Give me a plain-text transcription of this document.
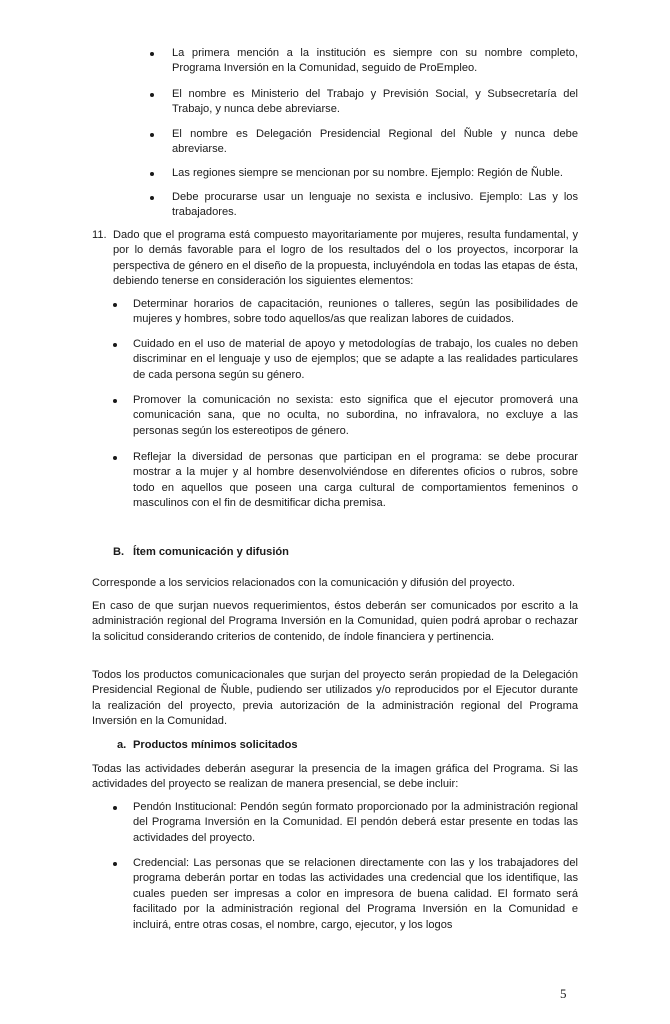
La primera mención a la institución es siempre con su nombre completo, Programa Inversión en la Comunidad, seguido de ProEmpleo.

El nombre es Ministerio del Trabajo y Previsión Social, y Subsecretaría del Trabajo, y nunca debe abreviarse.

El nombre es Delegación Presidencial Regional del Ñuble y nunca debe abreviarse.

Las regiones siempre se mencionan por su nombre. Ejemplo: Región de Ñuble.

Debe procurarse usar un lenguaje no sexista e inclusivo. Ejemplo: Las y los trabajadores.

11. Dado que el programa está compuesto mayoritariamente por mujeres, resulta fundamental, y por lo demás favorable para el logro de los resultados del o los proyectos, incorporar la perspectiva de género en el diseño de la propuesta, incluyéndola en todas las etapas de ésta, debiendo tenerse en consideración los siguientes elementos:

Determinar horarios de capacitación, reuniones o talleres, según las posibilidades de mujeres y hombres, sobre todo aquellos/as que realizan labores de cuidados.

Cuidado en el uso de material de apoyo y metodologías de trabajo, los cuales no deben discriminar en el lenguaje y uso de ejemplos; que se adapte a las realidades particulares de cada persona según su género.

Promover la comunicación no sexista: esto significa que el ejecutor promoverá una comunicación sana, que no oculta, no subordina, no infravalora, no excluye a las personas según los estereotipos de género.

Reflejar la diversidad de personas que participan en el programa: se debe procurar mostrar a la mujer y al hombre desenvolviéndose en diferentes oficios o rubros, sobre todo en aquellos que poseen una carga cultural de comportamientos femeninos o masculinos con el fin de desmitificar dicha premisa.

B. Ítem comunicación y difusión

Corresponde a los servicios relacionados con la comunicación y difusión del proyecto.

En caso de que surjan nuevos requerimientos, éstos deberán ser comunicados por escrito a la administración regional del Programa Inversión en la Comunidad, quien podrá aprobar o rechazar la solicitud considerando criterios de contenido, de índole financiera y pertinencia.

Todos los productos comunicacionales que surjan del proyecto serán propiedad de la Delegación Presidencial Regional de Ñuble, pudiendo ser utilizados y/o reproducidos por el Ejecutor durante la realización del proyecto, previa autorización de la administración regional del Programa Inversión en la Comunidad.

a. Productos mínimos solicitados

Todas las actividades deberán asegurar la presencia de la imagen gráfica del Programa. Si las actividades del proyecto se realizan de manera presencial, se debe incluir:

Pendón Institucional: Pendón según formato proporcionado por la administración regional del Programa Inversión en la Comunidad. El pendón deberá estar presente en todas las actividades del proyecto.

Credencial: Las personas que se relacionen directamente con las y los trabajadores del programa deberán portar en todas las actividades una credencial que los identifique, las cuales pueden ser impresas a color en impresora de buena calidad. El formato será facilitado por la administración regional del Programa Inversión en la Comunidad e incluirá, entre otras cosas, el nombre, cargo, ejecutor, y los logos

5
